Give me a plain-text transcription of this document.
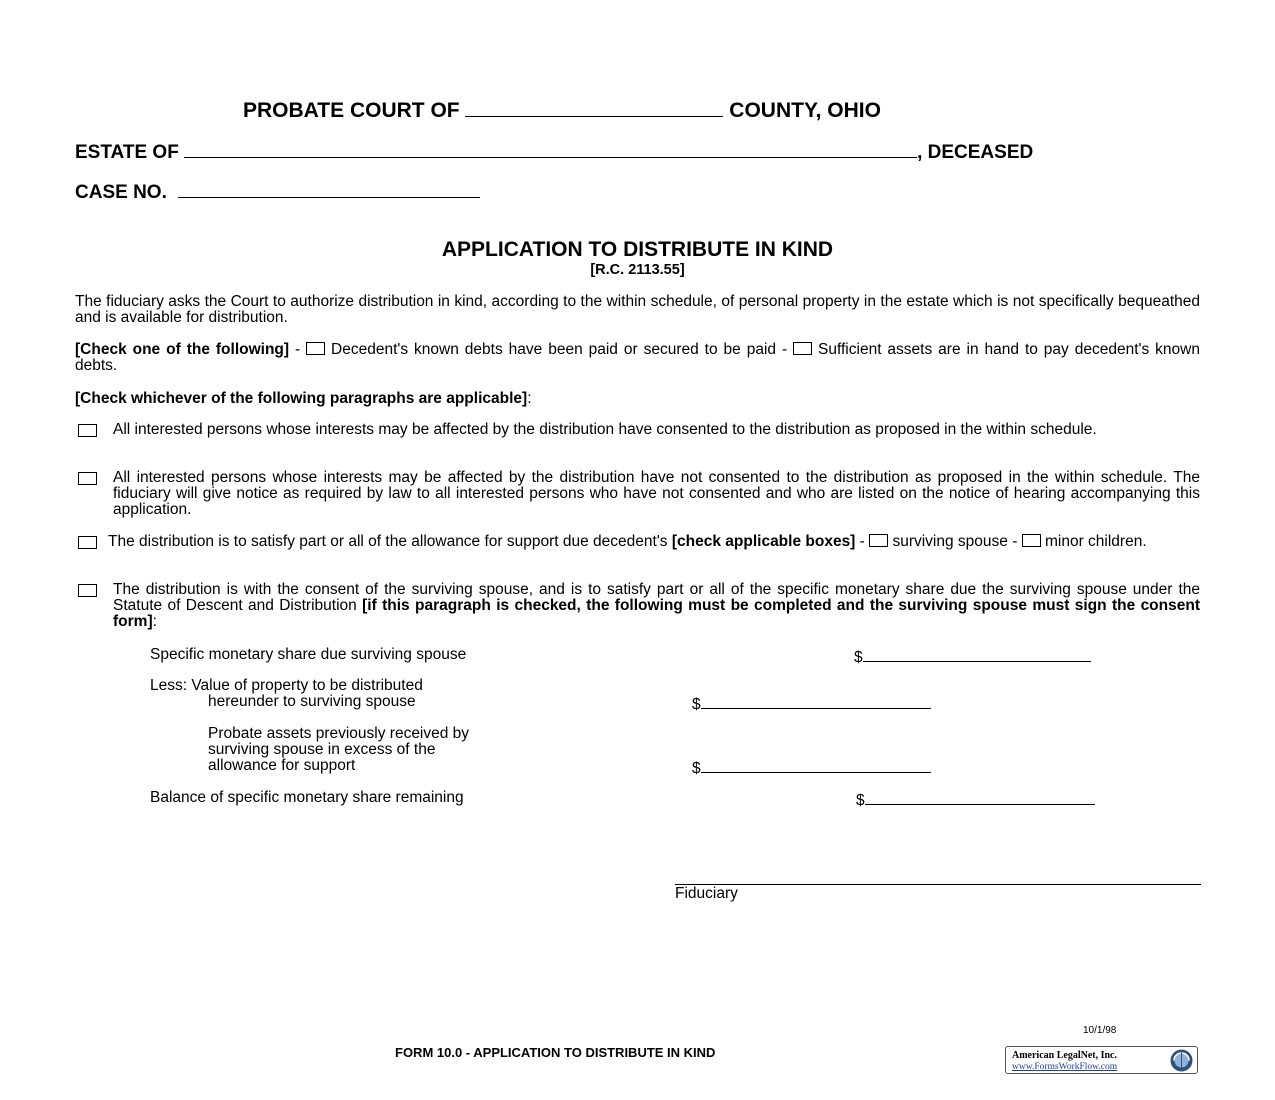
PROBATE COURT OF	COUNTY, OHIO
ESTATE OF	, DECEASED
CASE NO.
APPLICATION TO DISTRIBUTE IN KIND
[R.C. 2113.55]
The fiduciary asks the Court to authorize distribution in kind, according to the within schedule, of personal property in the estate which is not specifically bequeathed and is available for distribution.
[Check one of the following] -  Decedent's known debts have been paid or secured to be paid -  Sufficient assets are in hand to pay decedent's known debts.
[Check whichever of the following paragraphs are applicable]:
All interested persons whose interests may be affected by the distribution have consented to the distribution as proposed in the within schedule.
All interested persons whose interests may be affected by the distribution have not consented to the distribution as proposed in the within schedule. The fiduciary will give notice as required by law to all interested persons who have not consented and who are listed on the notice of hearing accompanying this application.
The distribution is to satisfy part or all of the allowance for support due decedent's [check applicable boxes] -  surviving spouse -  minor children.
The distribution is with the consent of the surviving spouse, and is to satisfy part or all of the specific monetary share due the surviving spouse under the Statute of Descent and Distribution [if this paragraph is checked, the following must be completed and the surviving spouse must sign the consent form]:
Specific monetary share due surviving spouse	$
Less: Value of property to be distributed
hereunder to surviving spouse	$
Probate assets previously received by
surviving spouse in excess of the
allowance for support	$
Balance of specific monetary share remaining	$
Fiduciary
10/1/98
FORM 10.0 - APPLICATION TO DISTRIBUTE IN KIND	American LegalNet, Inc.
www.FormsWorkFlow.com
